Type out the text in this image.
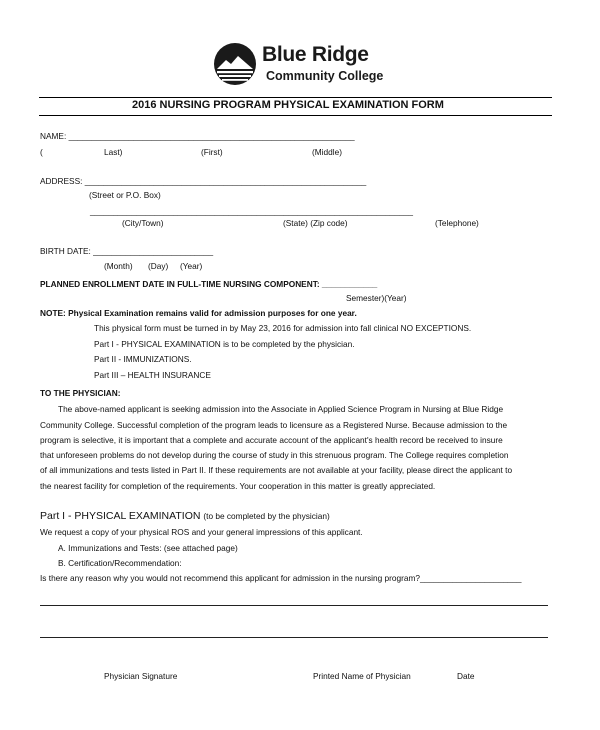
Blue Ridge
Community College
2016 NURSING PROGRAM PHYSICAL EXAMINATION FORM
NAME: ______________________________________________________________
(	Last)	(First)	(Middle)
ADDRESS: _____________________________________________________________
(Street or P.O. Box)
______________________________________________________________________
(City/Town)	(State) (Zip code)	(Telephone)
BIRTH DATE: __________________________
(Month) (Day) (Year)
PLANNED ENROLLMENT DATE IN FULL-TIME NURSING COMPONENT: ____________
Semester)(Year)
NOTE: Physical Examination remains valid for admission purposes for one year.
This physical form must be turned in by May 23, 2016 for admission into fall clinical NO EXCEPTIONS.
Part I - PHYSICAL EXAMINATION is to be completed by the physician.
Part II - IMMUNIZATIONS.
Part III – HEALTH INSURANCE
TO THE PHYSICIAN:
The above-named applicant is seeking admission into the Associate in Applied Science Program in Nursing at Blue Ridge
Community College. Successful completion of the program leads to licensure as a Registered Nurse. Because admission to the
program is selective, it is important that a complete and accurate account of the applicant's health record be received to insure
that unforeseen problems do not develop during the course of study in this strenuous program. The College requires completion
of all immunizations and tests listed in Part II. If these requirements are not available at your facility, please direct the applicant to
the nearest facility for completion of the requirements. Your cooperation in this matter is greatly appreciated.
Part I - PHYSICAL EXAMINATION (to be completed by the physician)
We request a copy of your physical ROS and your general impressions of this applicant.
A. Immunizations and Tests: (see attached page)
B. Certification/Recommendation:
Is there any reason why you would not recommend this applicant for admission in the nursing program?______________________
Physician Signature	Printed Name of Physician	Date
